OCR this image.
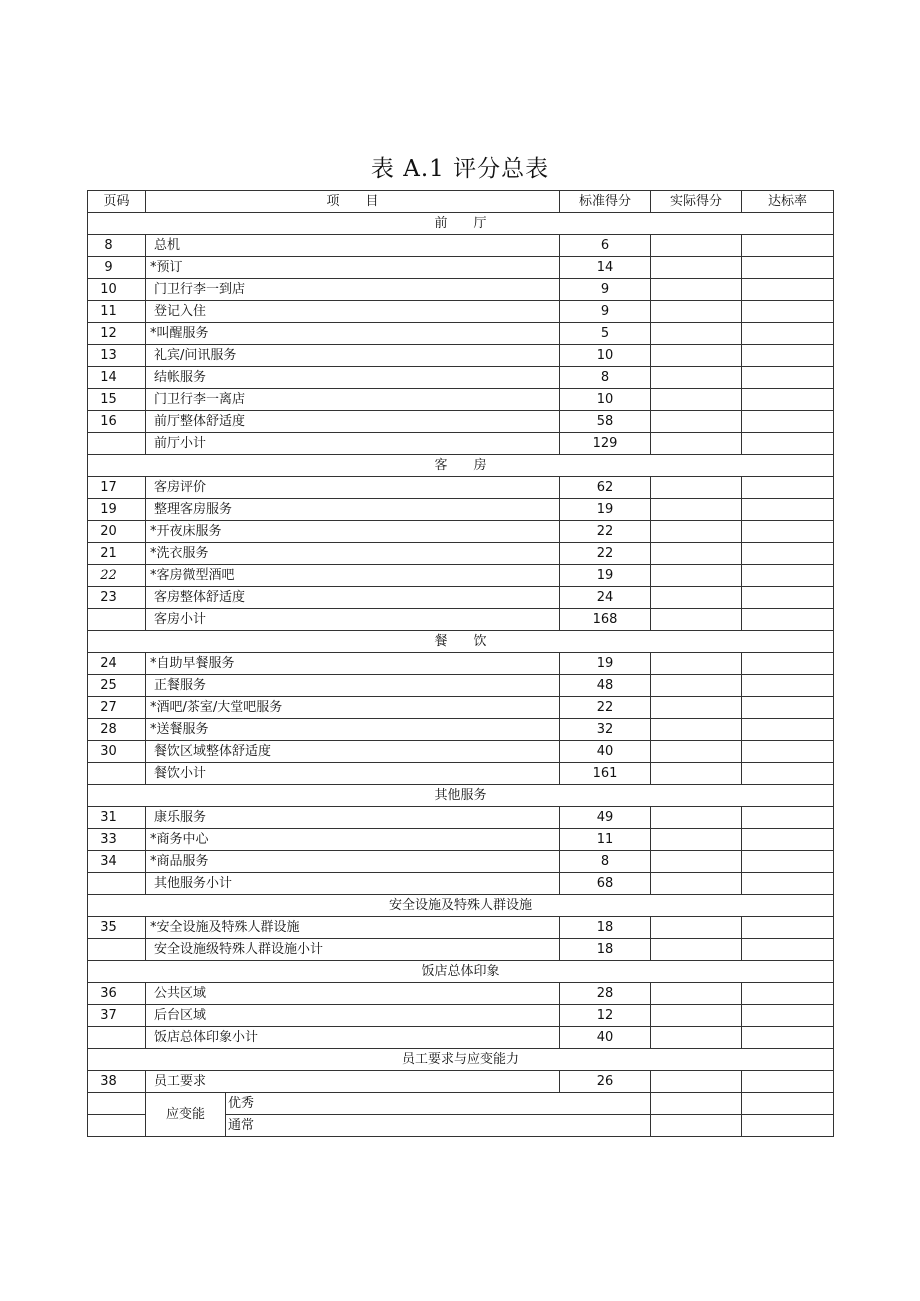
表 A.1 评分总表
页码	项　　目		标准得分	实际得分	达标率
前　　厅					
8	总机		6		
9	*预订		14		
10	门卫行李一到店		9		
11	登记入住		9		
12	*叫醒服务		5		
13	礼宾/问讯服务		10		
14	结帐服务		8		
15	门卫行李一离店		10		
16	前厅整体舒适度		58		
	前厅小计		129		
客　　房					
17	客房评价		62		
19	整理客房服务		19		
20	*开夜床服务		22		
21	*洗衣服务		22		
22	*客房微型酒吧		19		
23	客房整体舒适度		24		
	客房小计		168		
餐　　饮					
24	*自助早餐服务		19		
25	正餐服务		48		
27	*酒吧/茶室/大堂吧服务		22		
28	*送餐服务		32		
30	餐饮区域整体舒适度		40		
	餐饮小计		161		
其他服务					
31	康乐服务		49		
33	*商务中心		11		
34	*商品服务		8		
	其他服务小计		68		
安全设施及特殊人群设施					
35	*安全设施及特殊人群设施		18		
	安全设施级特殊人群设施小计		18		
饭店总体印象					
36	公共区域		28		
37	后台区域		12		
	饭店总体印象小计		40		
员工要求与应变能力					
38	员工要求		26		
	应变能	优秀			
		通常			
